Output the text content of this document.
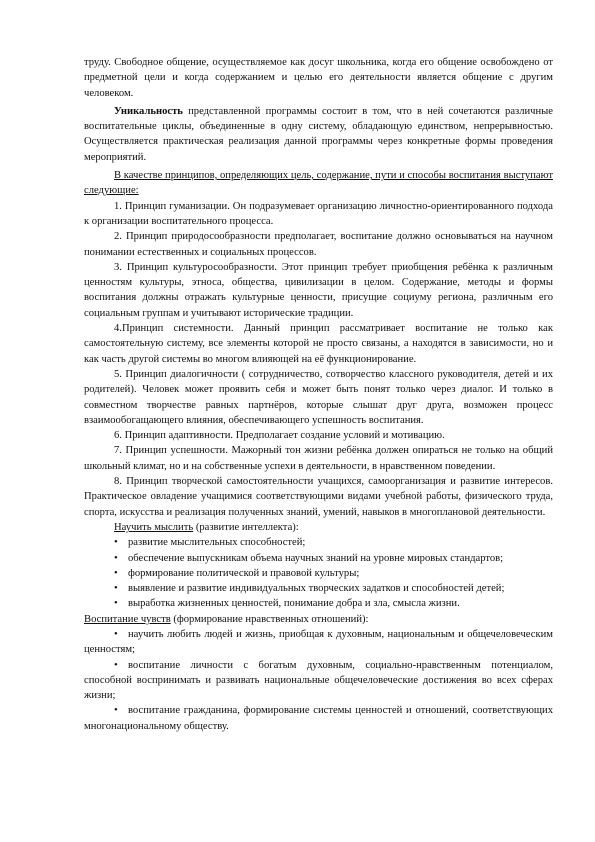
труду. Свободное общение, осуществляемое как досуг школьника, когда его общение освобождено от предметной цели и когда содержанием и целью его деятельности является общение с другим человеком.

Уникальность представленной программы состоит в том, что в ней сочетаются различные воспитательные циклы, объединенные в одну систему, обладающую единством, непрерывностью. Осуществляется практическая реализация данной программы через конкретные формы проведения мероприятий.

В качестве принципов, определяющих цель, содержание, пути и способы воспитания выступают следующие:

1. Принцип гуманизации. Он подразумевает организацию личностно-ориентированного подхода к организации воспитательного процесса.

2. Принцип природосообразности предполагает, воспитание должно основываться на научном понимании естественных и социальных процессов.

3. Принцип культуросообразности. Этот принцип требует приобщения ребёнка к различным ценностям культуры, этноса, общества, цивилизации в целом. Содержание, методы и формы воспитания должны отражать культурные ценности, присущие социуму региона, различным его социальным группам и учитывают исторические традиции.

4.Принцип системности. Данный принцип рассматривает воспитание не только как самостоятельную систему, все элементы которой не просто связаны, а находятся в зависимости, но и как часть другой системы во многом влияющей на её функционирование.

5. Принцип диалогичности ( сотрудничество, сотворчество классного руководителя, детей и их родителей). Человек может проявить себя и может быть понят только через диалог. И только в совместном творчестве равных партнёров, которые слышат друг друга, возможен процесс взаимообогащающего влияния, обеспечивающего успешность воспитания.

6. Принцип адаптивности. Предполагает создание условий и мотивацию.

7. Принцип успешности. Мажорный тон жизни ребёнка должен опираться не только на общий школьный климат, но и на собственные успехи в деятельности, в нравственном поведении.

8. Принцип творческой самостоятельности учащихся, самоорганизация и развитие интересов. Практическое овладение учащимися соответствующими видами учебной работы, физического труда, спорта, искусства и реализация полученных знаний, умений, навыков в многоплановой деятельности.

Научить мыслить (развитие интеллекта):

• развитие мыслительных способностей;

• обеспечение выпускникам объема научных знаний на уровне мировых стандартов;

• формирование политической и правовой культуры;

• выявление и развитие индивидуальных творческих задатков и способностей детей;

• выработка жизненных ценностей, понимание добра и зла, смысла жизни.

Воспитание чувств (формирование нравственных отношений):

• научить любить людей и жизнь, приобщая к духовным, национальным и общечеловеческим ценностям;

• воспитание личности с богатым духовным, социально-нравственным потенциалом, способной воспринимать и развивать национальные общечеловеческие достижения во всех сферах жизни;

• воспитание гражданина, формирование системы ценностей и отношений, соответствующих многонациональному обществу.
